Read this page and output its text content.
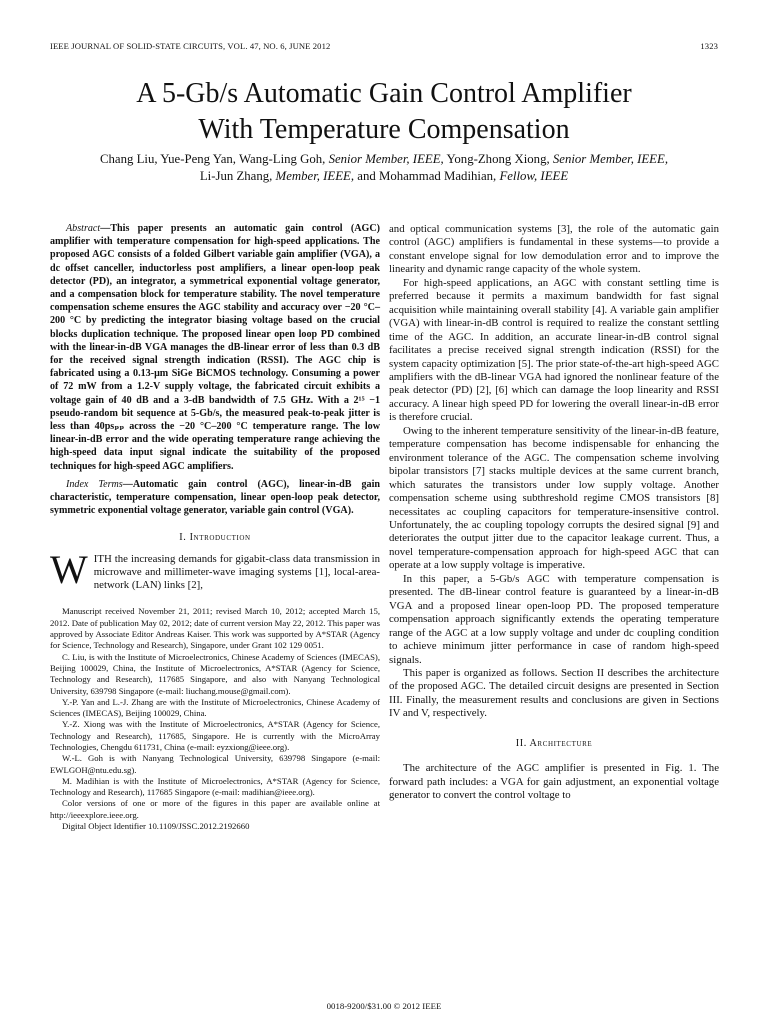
IEEE JOURNAL OF SOLID-STATE CIRCUITS, VOL. 47, NO. 6, JUNE 2012	1323
A 5-Gb/s Automatic Gain Control Amplifier
With Temperature Compensation
Chang Liu, Yue-Peng Yan, Wang-Ling Goh, Senior Member, IEEE, Yong-Zhong Xiong, Senior Member, IEEE,
Li-Jun Zhang, Member, IEEE, and Mohammad Madihian, Fellow, IEEE

Abstract—This paper presents an automatic gain control (AGC) amplifier with temperature compensation for high-speed applications. The proposed AGC consists of a folded Gilbert variable gain amplifier (VGA), a dc offset canceller, inductorless post amplifiers, a linear open-loop peak detector (PD), an integrator, a symmetrical exponential voltage generator, and a compensation block for temperature stability. The novel temperature compensation scheme ensures the AGC stability and accuracy over −20 °C–200 °C by predicting the integrator biasing voltage based on the crucial blocks duplication technique. The proposed linear open loop PD combined with the linear-in-dB VGA manages the dB-linear error of less than 0.3 dB for the received signal strength indication (RSSI). The AGC chip is fabricated using a 0.13-μm SiGe BiCMOS technology. Consuming a power of 72 mW from a 1.2-V supply voltage, the fabricated circuit exhibits a voltage gain of 40 dB and a 3-dB bandwidth of 7.5 GHz. With a 2¹⁵ −1 pseudo-random bit sequence at 5-Gb/s, the measured peak-to-peak jitter is less than 40psₚₚ across the −20 °C–200 °C temperature range. The low linear-in-dB error and the wide operating temperature range achieving the high-speed data input signal indicate the suitability of the proposed techniques for high-speed AGC amplifiers.

Index Terms—Automatic gain control (AGC), linear-in-dB gain characteristic, temperature compensation, linear open-loop peak detector, symmetric exponential voltage generator, variable gain control (VGA).

I. Introduction

WITH the increasing demands for gigabit-class data transmission in microwave and millimeter-wave imaging systems [1], local-area-network (LAN) links [2],

Manuscript received November 21, 2011; revised March 10, 2012; accepted March 15, 2012. Date of publication May 02, 2012; date of current version May 22, 2012. This paper was approved by Associate Editor Andreas Kaiser. This work was supported by A*STAR (Agency for Science, Technology and Research), Singapore, under Grant 102 129 0051.

C. Liu, is with the Institute of Microelectronics, Chinese Academy of Sciences (IMECAS), Beijing 100029, China, the Institute of Microelectronics, A*STAR (Agency for Science, Technology and Research), 117685 Singapore, and also with Nanyang Technological University, 639798 Singapore (e-mail: liuchang.mouse@gmail.com).

Y.-P. Yan and L.-J. Zhang are with the Institute of Microelectronics, Chinese Academy of Sciences (IMECAS), Beijing 100029, China.

Y.-Z. Xiong was with the Institute of Microelectronics, A*STAR (Agency for Science, Technology and Research), 117685, Singapore. He is currently with the MicroArray Technologies, Chengdu 611731, China (e-mail: eyzxiong@ieee.org).

W.-L. Goh is with Nanyang Technological University, 639798 Singapore (e-mail: EWLGOH@ntu.edu.sg).

M. Madihian is with the Institute of Microelectronics, A*STAR (Agency for Science, Technology and Research), 117685 Singapore (e-mail: madihian@ieee.org).

Color versions of one or more of the figures in this paper are available online at http://ieeexplore.ieee.org.

Digital Object Identifier 10.1109/JSSC.2012.2192660

and optical communication systems [3], the role of the automatic gain control (AGC) amplifiers is fundamental in these systems—to provide a constant envelope signal for low demodulation error and to improve the linearity and dynamic range capacity of the whole system.

For high-speed applications, an AGC with constant settling time is preferred because it permits a maximum bandwidth for fast signal acquisition while maintaining overall stability [4]. A variable gain amplifier (VGA) with linear-in-dB control is required to realize the constant settling time of the AGC. In addition, an accurate linear-in-dB control signal facilitates a precise received signal strength indication (RSSI) for the system capacity optimization [5]. The prior state-of-the-art high-speed AGC amplifiers with the dB-linear VGA had ignored the nonlinear feature of the peak detector (PD) [2], [6] which can damage the loop linearity and RSSI accuracy. A linear high speed PD for lowering the overall linear-in-dB error is therefore crucial.

Owing to the inherent temperature sensitivity of the linear-in-dB feature, temperature compensation has become indispensable for enhancing the environment tolerance of the AGC. The compensation scheme involving bipolar transistors [7] stacks multiple devices at the same current branch, which saturates the transistors under low supply voltage. Another compensation scheme using subthreshold regime CMOS transistors [8] necessitates ac coupling capacitors for temperature-insensitive control. Unfortunately, the ac coupling topology corrupts the desired signal [9] and deteriorates the output jitter due to the capacitor leakage current. Thus, a novel temperature-compensation approach for high-speed AGC that can operate at a low supply voltage is imperative.

In this paper, a 5-Gb/s AGC with temperature compensation is presented. The dB-linear control feature is guaranteed by a linear-in-dB VGA and a proposed linear open-loop PD. The proposed temperature compensation approach significantly extends the operating temperature range of the AGC at a low supply voltage and under dc coupling condition to achieve minimum jitter performance in case of random high-speed signals.

This paper is organized as follows. Section II describes the architecture of the proposed AGC. The detailed circuit designs are presented in Section III. Finally, the measurement results and conclusions are given in Sections IV and V, respectively.

II. Architecture

The architecture of the AGC amplifier is presented in Fig. 1. The forward path includes: a VGA for gain adjustment, an exponential voltage generator to convert the control voltage to

0018-9200/$31.00 © 2012 IEEE
